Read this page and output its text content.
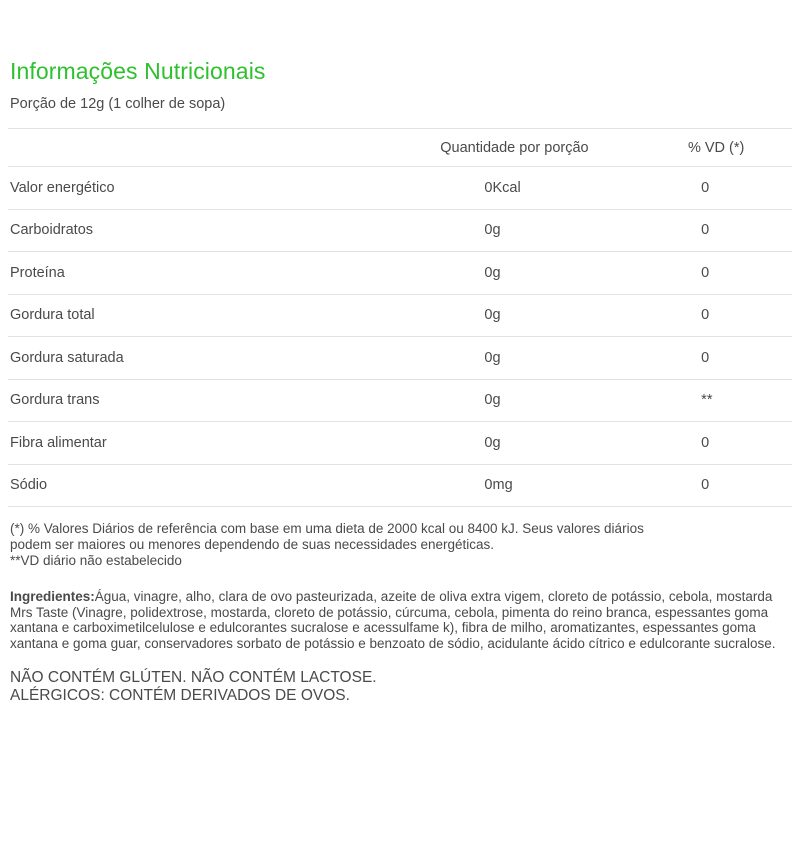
Informações Nutricionais
Porção de 12g (1 colher de sopa)
	Quantidade por porção	% VD (*)
Valor energético	0Kcal	0

Carboidratos	0g	0

Proteína	0g	0

Gordura total	0g	0

Gordura saturada	0g	0

Gordura trans	0g	**

Fibra alimentar	0g	0

Sódio	0mg	0

(*) % Valores Diários de referência com base em uma dieta de 2000 kcal ou 8400 kJ. Seus valores diários

podem ser maiores ou menores dependendo de suas necessidades energéticas.

**VD diário não estabelecido

Ingredientes:Água, vinagre, alho, clara de ovo pasteurizada, azeite de oliva extra vigem, cloreto de potássio, cebola, mostarda Mrs Taste (Vinagre, polidextrose, mostarda, cloreto de potássio, cúrcuma, cebola, pimenta do reino branca, espessantes goma xantana e carboximetilcelulose e edulcorantes sucralose e acessulfame k), fibra de milho, aromatizantes, espessantes goma xantana e goma guar, conservadores sorbato de potássio e benzoato de sódio, acidulante ácido cítrico e edulcorante sucralose.

NÃO CONTÉM GLÚTEN. NÃO CONTÉM LACTOSE.

ALÉRGICOS: CONTÉM DERIVADOS DE OVOS.
